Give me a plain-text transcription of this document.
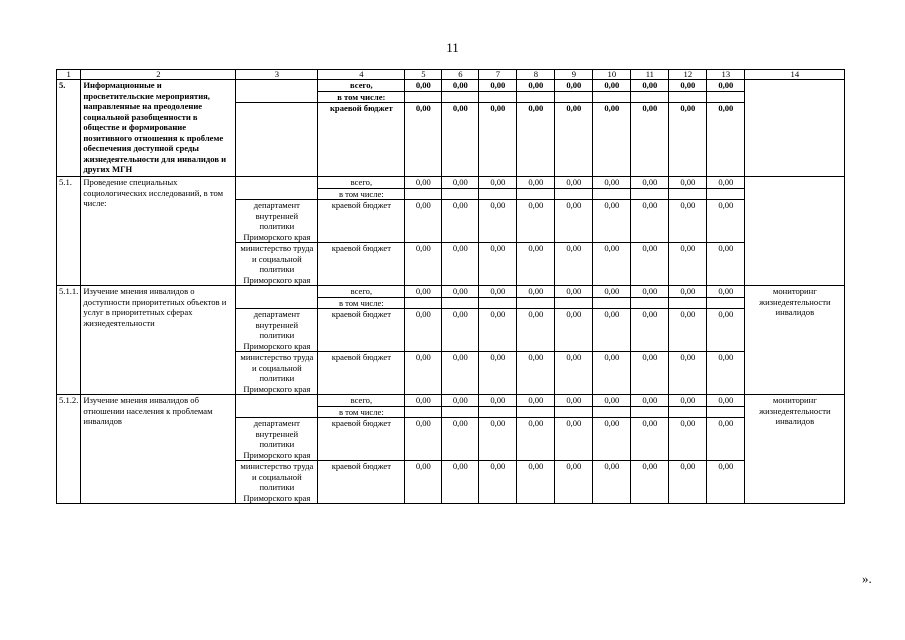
11
1	2	3	4	5	6	7	8	9	10	11	12	13	14
5.	Информационные и просветительские мероприятия, направленные на преодоление социальной разобщенности в обществе и формирование позитивного отношения к проблеме обеспечения доступной среды жизнедеятельности для инвалидов и других МГН		всего,	0,00	0,00	0,00	0,00	0,00	0,00	0,00	0,00	0,00	
			в том числе:										
			краевой бюджет	0,00	0,00	0,00	0,00	0,00	0,00	0,00	0,00	0,00	
5.1.	Проведение специальных социологических исследований, в том числе:		всего,	0,00	0,00	0,00	0,00	0,00	0,00	0,00	0,00	0,00	
			в том числе:										
		департамент внутренней политики Приморского края	краевой бюджет	0,00	0,00	0,00	0,00	0,00	0,00	0,00	0,00	0,00	
		министерство труда и социальной политики Приморского края	краевой бюджет	0,00	0,00	0,00	0,00	0,00	0,00	0,00	0,00	0,00	
5.1.1.	Изучение мнения инвалидов о доступности приоритетных объектов и услуг в приоритетных сферах жизнедеятельности		всего,	0,00	0,00	0,00	0,00	0,00	0,00	0,00	0,00	0,00	мониторинг жизнедеятельности инвалидов
			в том числе:										
		департамент внутренней политики Приморского края	краевой бюджет	0,00	0,00	0,00	0,00	0,00	0,00	0,00	0,00	0,00	
		министерство труда и социальной политики Приморского края	краевой бюджет	0,00	0,00	0,00	0,00	0,00	0,00	0,00	0,00	0,00	
5.1.2.	Изучение мнения инвалидов об отношении населения к проблемам инвалидов		всего,	0,00	0,00	0,00	0,00	0,00	0,00	0,00	0,00	0,00	мониторинг жизнедеятельности инвалидов
			в том числе:										
		департамент внутренней политики Приморского края	краевой бюджет	0,00	0,00	0,00	0,00	0,00	0,00	0,00	0,00	0,00	
		министерство труда и социальной политики Приморского края	краевой бюджет	0,00	0,00	0,00	0,00	0,00	0,00	0,00	0,00	0,00	
».
